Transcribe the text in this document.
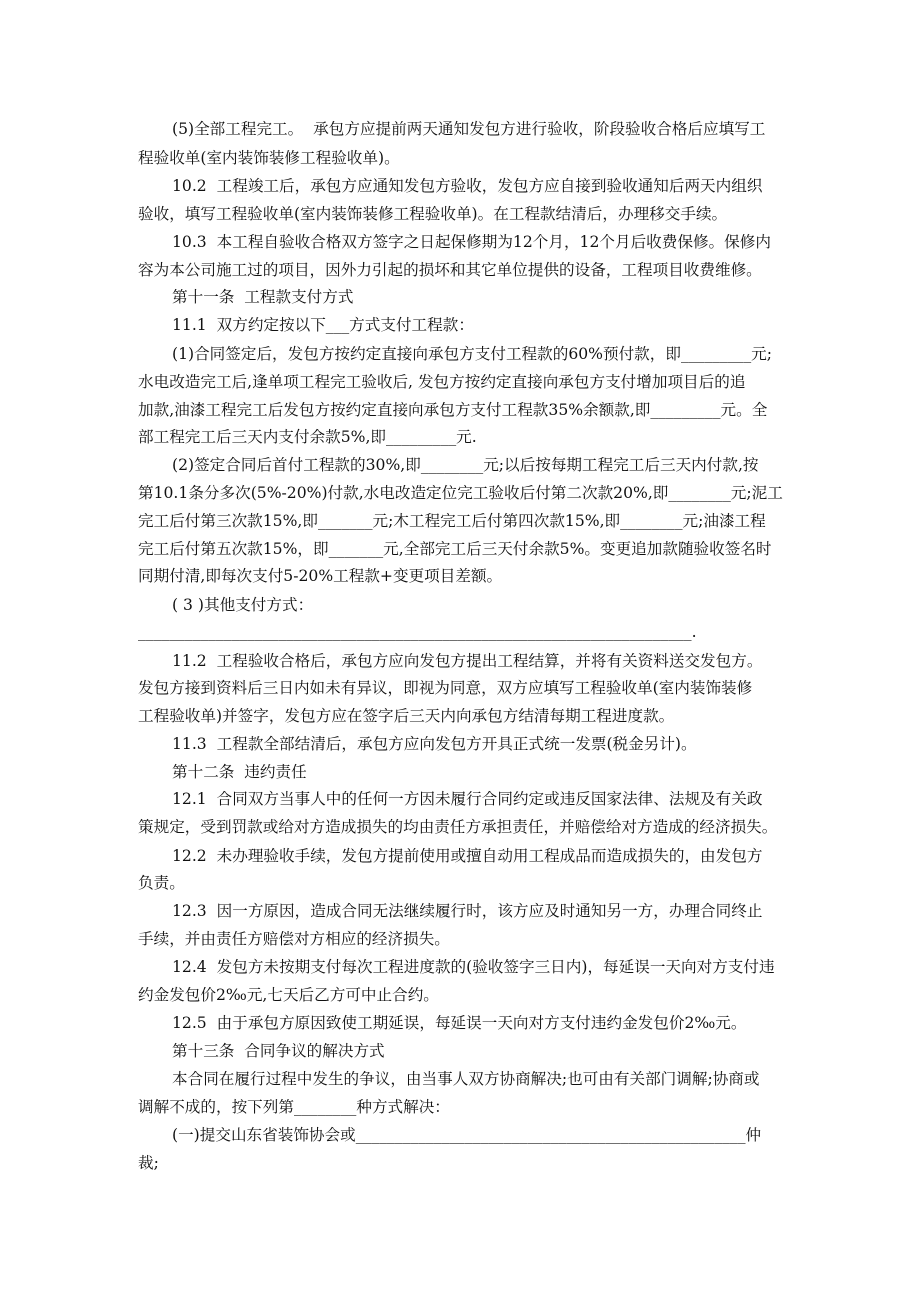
(5)全部工程完工。  承包方应提前两天通知发包方进行验收，阶段验收合格后应填写工
程验收单(室内装饰装修工程验收单)。
10.2  工程竣工后，承包方应通知发包方验收，发包方应自接到验收通知后两天内组织
验收，填写工程验收单(室内装饰装修工程验收单)。在工程款结清后，办理移交手续。
10.3  本工程自验收合格双方签字之日起保修期为12个月，12个月后收费保修。保修内
容为本公司施工过的项目，因外力引起的损坏和其它单位提供的设备，工程项目收费维修。
第十一条  工程款支付方式
11.1  双方约定按以下___方式支付工程款：
(1)合同签定后，发包方按约定直接向承包方支付工程款的60%预付款，即_________元;
水电改造完工后,逢单项工程完工验收后, 发包方按约定直接向承包方支付增加项目后的追
加款,油漆工程完工后发包方按约定直接向承包方支付工程款35%余额款,即_________元。全
部工程完工后三天内支付余款5%,即_________元.
(2)签定合同后首付工程款的30%,即________元;以后按每期工程完工后三天内付款,按
第10.1条分多次(5%-20%)付款,水电改造定位完工验收后付第二次款20%,即________元;泥工
完工后付第三次款15%,即_______元;木工程完工后付第四次款15%,即________元;油漆工程
完工后付第五次款15%，即_______元,全部完工后三天付余款5%。变更追加款随验收签名时
同期付清,即每次支付5-20%工程款+变更项目差额。
( 3 )其他支付方式：
_______________________________________________________________________.
11.2  工程验收合格后，承包方应向发包方提出工程结算，并将有关资料送交发包方。
发包方接到资料后三日内如未有异议，即视为同意，双方应填写工程验收单(室内装饰装修
工程验收单)并签字，发包方应在签字后三天内向承包方结清每期工程进度款。
11.3  工程款全部结清后，承包方应向发包方开具正式统一发票(税金另计)。
第十二条  违约责任
12.1  合同双方当事人中的任何一方因未履行合同约定或违反国家法律、法规及有关政
策规定，受到罚款或给对方造成损失的均由责任方承担责任，并赔偿给对方造成的经济损失。
12.2  未办理验收手续，发包方提前使用或擅自动用工程成品而造成损失的，由发包方
负责。
12.3  因一方原因，造成合同无法继续履行时，该方应及时通知另一方，办理合同终止
手续，并由责任方赔偿对方相应的经济损失。
12.4  发包方未按期支付每次工程进度款的(验收签字三日内)，每延误一天向对方支付违
约金发包价2‰元,七天后乙方可中止合约。
12.5  由于承包方原因致使工期延误，每延误一天向对方支付违约金发包价2‰元。
第十三条  合同争议的解决方式
本合同在履行过程中发生的争议，由当事人双方协商解决;也可由有关部门调解;协商或
调解不成的，按下列第________种方式解决：
(一)提交山东省装饰协会或__________________________________________________仲
裁;
